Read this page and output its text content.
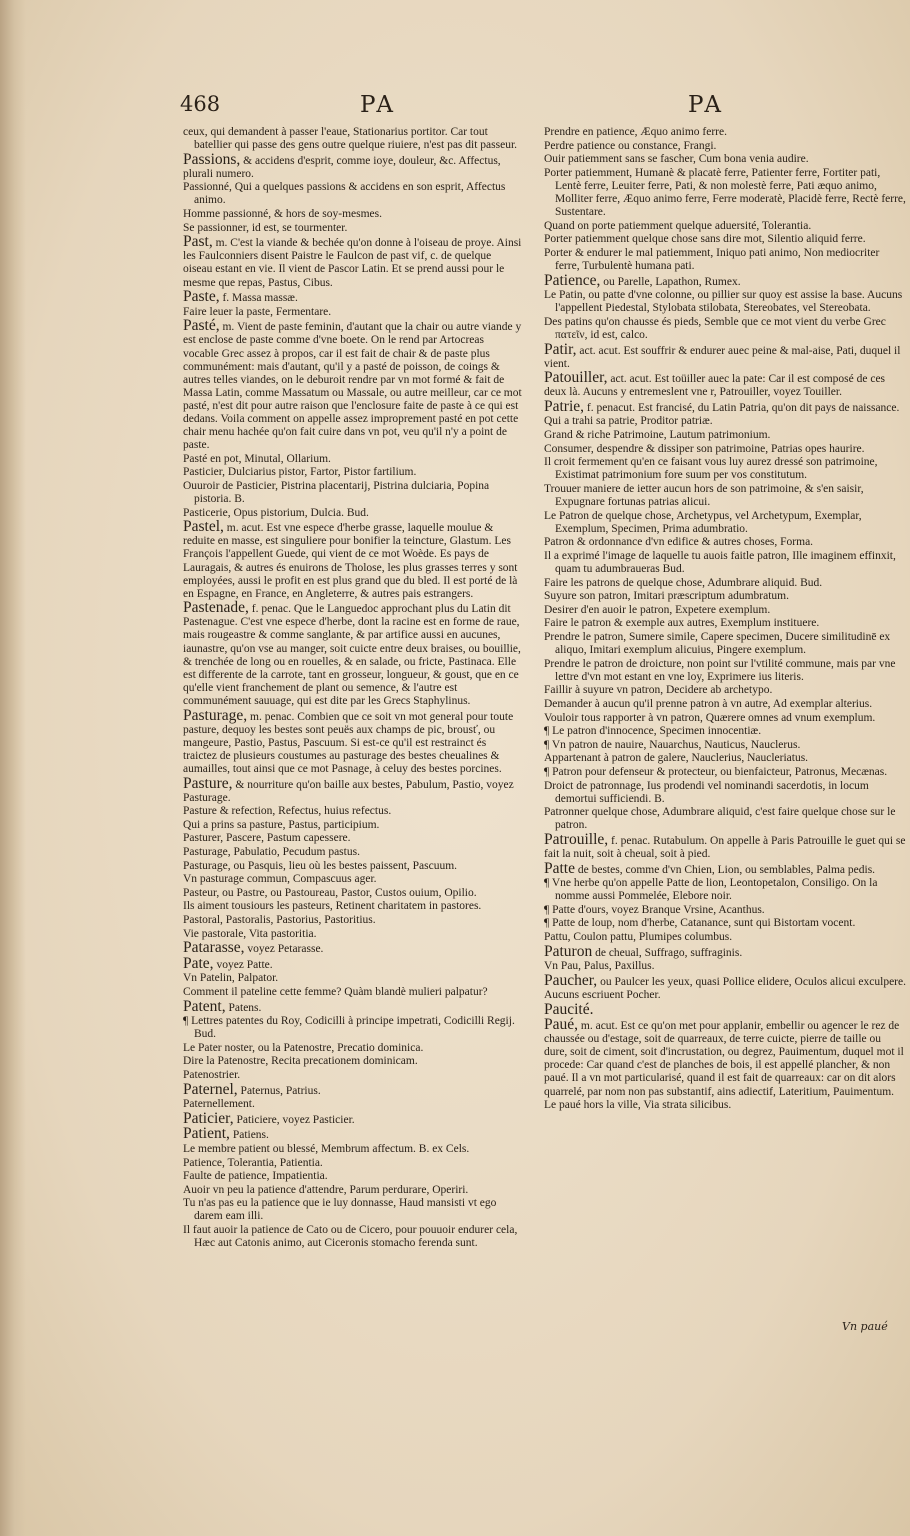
468	PA	PA
ceux, qui demandent à passer l'eaue, Stationarius portitor. Car tout batellier qui passe des gens outre quelque riuiere, n'est pas dit passeur.
Passions, & accidens d'esprit, comme ioye, douleur, &c. Affectus, plurali numero.
Passionné, Qui a quelques passions & accidens en son esprit, Affectus animo.
Homme passionné, & hors de soy-mesmes.
Se passionner, id est, se tourmenter.
Past, m. C'est la viande & bechée qu'on donne à l'oiseau de proye. Ainsi les Faulconniers disent Paistre le Faulcon de past vif, c. de quelque oiseau estant en vie. Il vient de Pascor Latin. Et se prend aussi pour le mesme que repas, Pastus, Cibus.
Paste, f. Massa massæ.
Faire leuer la paste, Fermentare.
Pasté, m. Vient de paste feminin, d'autant que la chair ou autre viande y est enclose de paste comme d'vne boete. On le rend par Artocreas vocable Grec assez à propos, car il est fait de chair & de paste plus communément: mais d'autant, qu'il y a pasté de poisson, de coings & autres telles viandes, on le deburoit rendre par vn mot formé & fait de Massa Latin, comme Massatum ou Massale, ou autre meilleur, car ce mot pasté, n'est dit pour autre raison que l'enclosure faite de paste à ce qui est dedans. Voila comment on appelle assez improprement pasté en pot cette chair menu hachée qu'on fait cuire dans vn pot, veu qu'il n'y a point de paste.
Pasté en pot, Minutal, Ollarium.
Pasticier, Dulciarius pistor, Fartor, Pistor fartilium.
Ouuroir de Pasticier, Pistrina placentarij, Pistrina dulciaria, Popina pistoria. B.
Pasticerie, Opus pistorium, Dulcia. Bud.
Pastel, m. acut. Est vne espece d'herbe grasse, laquelle moulue & reduite en masse, est singuliere pour bonifier la teincture, Glastum. Les François l'appellent Guede, qui vient de ce mot Woède. Es pays de Lauragais, & autres és enuirons de Tholose, les plus grasses terres y sont employées, aussi le profit en est plus grand que du bled. Il est porté de là en Espagne, en France, en Angleterre, & autres pais estrangers.
Pastenade, f. penac. Que le Languedoc approchant plus du Latin dit Pastenague. C'est vne espece d'herbe, dont la racine est en forme de raue, mais rougeastre & comme sanglante, & par artifice aussi en aucunes, iaunastre, qu'on vse au manger, soit cuicte entre deux braises, ou bouillie, & trenchée de long ou en rouelles, & en salade, ou fricte, Pastinaca. Elle est differente de la carrote, tant en grosseur, longueur, & goust, que en ce qu'elle vient franchement de plant ou semence, & l'autre est communément sauuage, qui est dite par les Grecs Staphylinus.
Pasturage, m. penac. Combien que ce soit vn mot general pour toute pasture, dequoy les bestes sont peuës aux champs de pic, brousť, ou mangeure, Pastio, Pastus, Pascuum. Si est-ce qu'il est restrainct és traictez de plusieurs coustumes au pasturage des bestes cheualines & aumailles, tout ainsi que ce mot Pasnage, à celuy des bestes porcines.
Pasture, & nourriture qu'on baille aux bestes, Pabulum, Pastio, voyez Pasturage.
Pasture & refection, Refectus, huius refectus.
Qui a prins sa pasture, Pastus, participium.
Pasturer, Pascere, Pastum capessere.
Pasturage, Pabulatio, Pecudum pastus.
Pasturage, ou Pasquis, lieu où les bestes paissent, Pascuum.
Vn pasturage commun, Compascuus ager.
Pasteur, ou Pastre, ou Pastoureau, Pastor, Custos ouium, Opilio.
Ils aiment tousiours les pasteurs, Retinent charitatem in pastores.
Pastoral, Pastoralis, Pastorius, Pastoritius.
Vie pastorale, Vita pastoritia.
Patarasse, voyez Petarasse.
Pate, voyez Patte.
Vn Patelin, Palpator.
Comment il pateline cette femme? Quàm blandè mulieri palpatur?
Patent, Patens.
¶ Lettres patentes du Roy, Codicilli à principe impetrati, Codicilli Regij. Bud.
Le Pater noster, ou la Patenostre, Precatio dominica.
Dire la Patenostre, Recita precationem dominicam.
Patenostrier.
Paternel, Paternus, Patrius.
Paternellement.
Paticier, Paticiere, voyez Pasticier.
Patient, Patiens.
Le membre patient ou blessé, Membrum affectum. B. ex Cels.
Patience, Tolerantia, Patientia.
Faulte de patience, Impatientia.
Auoir vn peu la patience d'attendre, Parum perdurare, Operiri.
Tu n'as pas eu la patience que ie luy donnasse, Haud mansisti vt ego darem eam illi.
Il faut auoir la patience de Cato ou de Cicero, pour pouuoir endurer cela, Hæc aut Catonis animo, aut Ciceronis stomacho ferenda sunt.
Prendre en patience, Æquo animo ferre.
Perdre patience ou constance, Frangi.
Ouir patiemment sans se fascher, Cum bona venia audire.
Porter patiemment, Humanè & placatè ferre, Patienter ferre, Fortiter pati, Lentè ferre, Leuiter ferre, Pati, & non molestè ferre, Pati æquo animo, Molliter ferre, Æquo animo ferre, Ferre moderatè, Placidè ferre, Rectè ferre, Sustentare.
Quand on porte patiemment quelque aduersité, Tolerantia.
Porter patiemment quelque chose sans dire mot, Silentio aliquid ferre.
Porter & endurer le mal patiemment, Iniquo pati animo, Non mediocriter ferre, Turbulentè humana pati.
Patience, ou Parelle, Lapathon, Rumex.
Le Patin, ou patte d'vne colonne, ou pillier sur quoy est assise la base. Aucuns l'appellent Piedestal, Stylobata stilobata, Stereobates, vel Stereobata.
Des patins qu'on chausse és pieds, Semble que ce mot vient du verbe Grec πατεῖν, id est, calco.
Patir, act. acut. Est souffrir & endurer auec peine & mal-aise, Pati, duquel il vient.
Patouiller, act. acut. Est toüiller auec la pate: Car il est composé de ces deux là. Aucuns y entremeslent vne r, Patrouiller, voyez Touiller.
Patrie, f. penacut. Est francisé, du Latin Patria, qu'on dit pays de naissance.
Qui a trahi sa patrie, Proditor patriæ.
Grand & riche Patrimoine, Lautum patrimonium.
Consumer, despendre & dissiper son patrimoine, Patrias opes haurire.
Il croit fermement qu'en ce faisant vous luy aurez dressé son patrimoine, Existimat patrimonium fore suum per vos constitutum.
Trouuer maniere de ietter aucun hors de son patrimoine, & s'en saisir, Expugnare fortunas patrias alicui.
Le Patron de quelque chose, Archetypus, vel Archetypum, Exemplar, Exemplum, Specimen, Prima adumbratio.
Patron & ordonnance d'vn edifice & autres choses, Forma.
Il a exprimé l'image de laquelle tu auois faitle patron, Ille imaginem effinxit, quam tu adumbraueras Bud.
Faire les patrons de quelque chose, Adumbrare aliquid. Bud.
Suyure son patron, Imitari præscriptum adumbratum.
Desirer d'en auoir le patron, Expetere exemplum.
Faire le patron & exemple aux autres, Exemplum instituere.
Prendre le patron, Sumere simile, Capere specimen, Ducere similitudinē ex aliquo, Imitari exemplum alicuius, Pingere exemplum.
Prendre le patron de droicture, non point sur l'vtilité commune, mais par vne lettre d'vn mot estant en vne loy, Exprimere ius literis.
Faillir à suyure vn patron, Decidere ab archetypo.
Demander à aucun qu'il prenne patron à vn autre, Ad exemplar alterius.
Vouloir tous rapporter à vn patron, Quærere omnes ad vnum exemplum.
¶ Le patron d'innocence, Specimen innocentiæ.
¶ Vn patron de nauire, Nauarchus, Nauticus, Nauclerus.
Appartenant à patron de galere, Nauclerius, Naucleriatus.
¶ Patron pour defenseur & protecteur, ou bienfaicteur, Patronus, Mecænas.
Droict de patronnage, Ius prodendi vel nominandi sacerdotis, in locum demortui sufficiendi. B.
Patronner quelque chose, Adumbrare aliquid, c'est faire quelque chose sur le patron.
Patrouille, f. penac. Rutabulum. On appelle à Paris Patrouille le guet qui se fait la nuit, soit à cheual, soit à pied.
Patte de bestes, comme d'vn Chien, Lion, ou semblables, Palma pedis.
¶ Vne herbe qu'on appelle Patte de lion, Leontopetalon, Consiligo. On la nomme aussi Pommelée, Elebore noir.
¶ Patte d'ours, voyez Branque Vrsine, Acanthus.
¶ Patte de loup, nom d'herbe, Catanance, sunt qui Bistortam vocent.
Pattu, Coulon pattu, Plumipes columbus.
Paturon de cheual, Suffrago, suffraginis.
Vn Pau, Palus, Paxillus.
Paucher, ou Paulcer les yeux, quasi Pollice elidere, Oculos alicui exculpere. Aucuns escriuent Pocher.
Paucité.
Paué, m. acut. Est ce qu'on met pour applanir, embellir ou agencer le rez de chaussée ou d'estage, soit de quarreaux, de terre cuicte, pierre de taille ou dure, soit de ciment, soit d'incrustation, ou degrez, Pauimentum, duquel mot il procede: Car quand c'est de planches de bois, il est appellé plancher, & non paué. Il a vn mot particularisé, quand il est fait de quarreaux: car on dit alors quarrelé, par nom non pas substantif, ains adiectif, Lateritium, Pauimentum.
Le paué hors la ville, Via strata silicibus.
Vn paué
